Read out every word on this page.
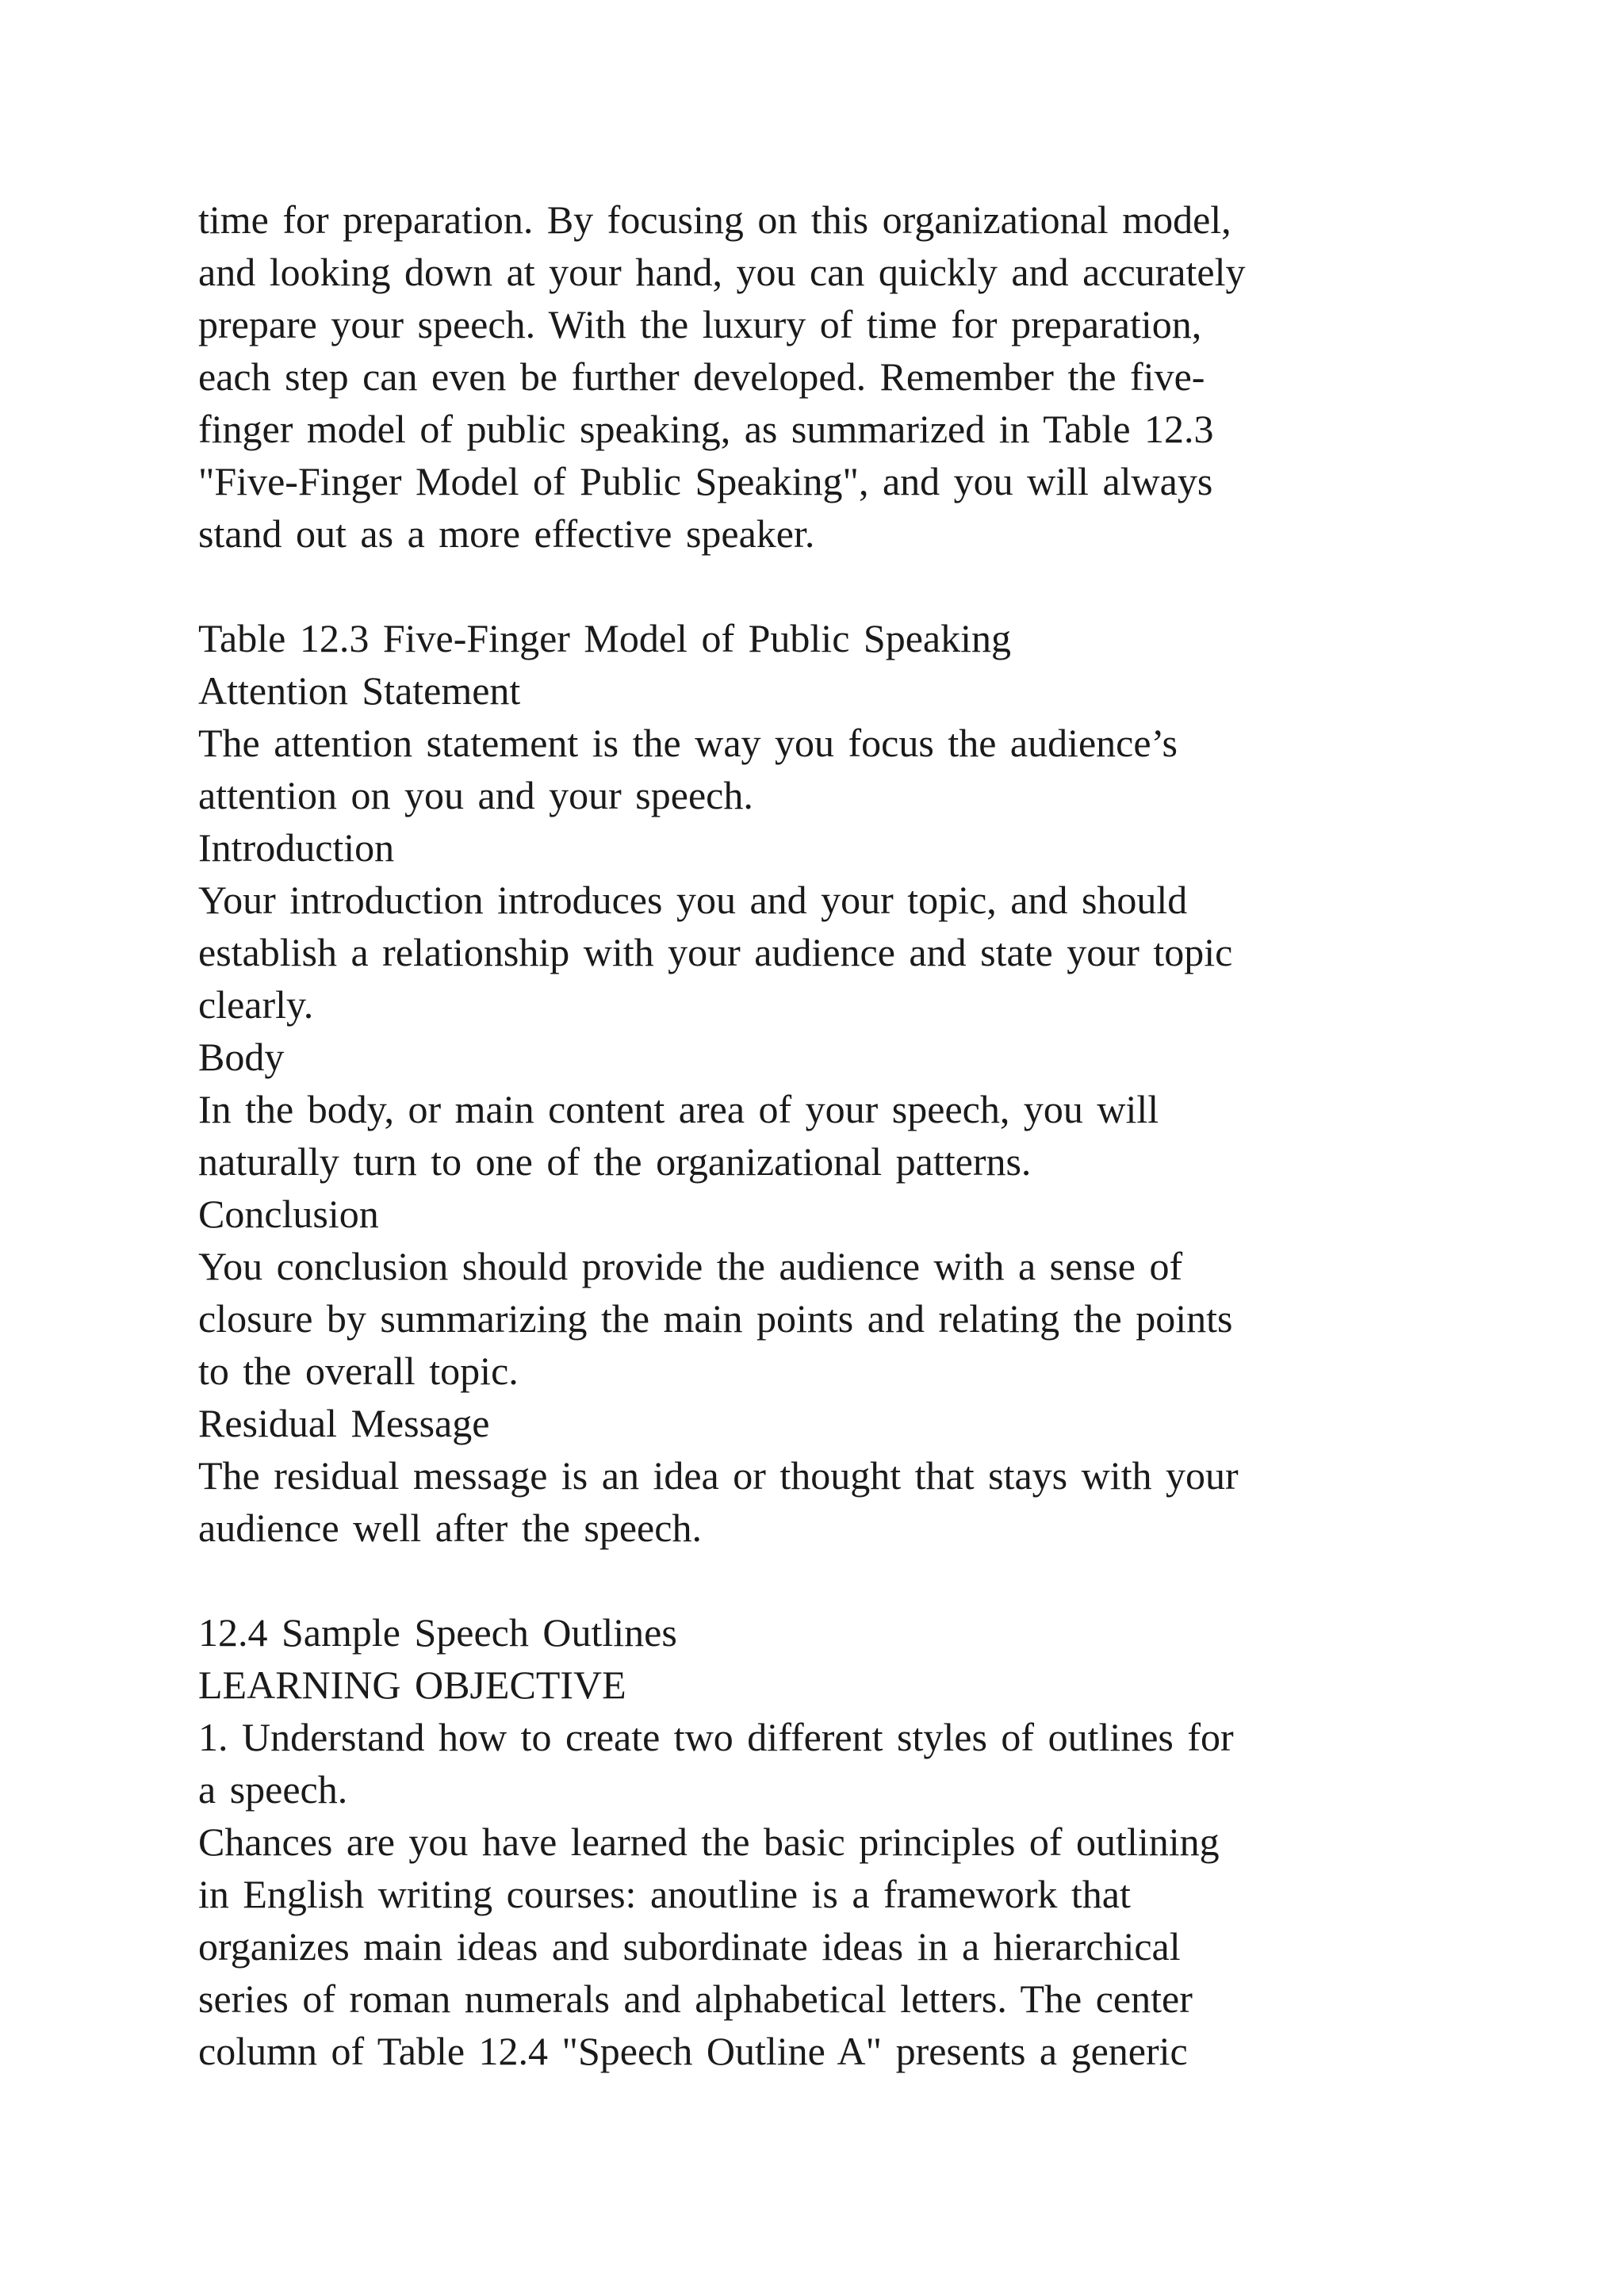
time for preparation. By focusing on this organizational model,
and looking down at your hand, you can quickly and accurately
prepare your speech. With the luxury of time for preparation,
each step can even be further developed. Remember the five-
finger model of public speaking, as summarized in Table 12.3
"Five-Finger Model of Public Speaking", and you will always
stand out as a more effective speaker.
Table 12.3 Five-Finger Model of Public Speaking
Attention Statement
The attention statement is the way you focus the audience’s
attention on you and your speech.
Introduction
Your introduction introduces you and your topic, and should
establish a relationship with your audience and state your topic
clearly.
Body
In the body, or main content area of your speech, you will
naturally turn to one of the organizational patterns.
Conclusion
You conclusion should provide the audience with a sense of
closure by summarizing the main points and relating the points
to the overall topic.
Residual Message
The residual message is an idea or thought that stays with your
audience well after the speech.
12.4 Sample Speech Outlines
LEARNING OBJECTIVE
1. Understand how to create two different styles of outlines for
a speech.
Chances are you have learned the basic principles of outlining
in English writing courses: anoutline is a framework that
organizes main ideas and subordinate ideas in a hierarchical
series of roman numerals and alphabetical letters. The center
column of Table 12.4 "Speech Outline A" presents a generic
